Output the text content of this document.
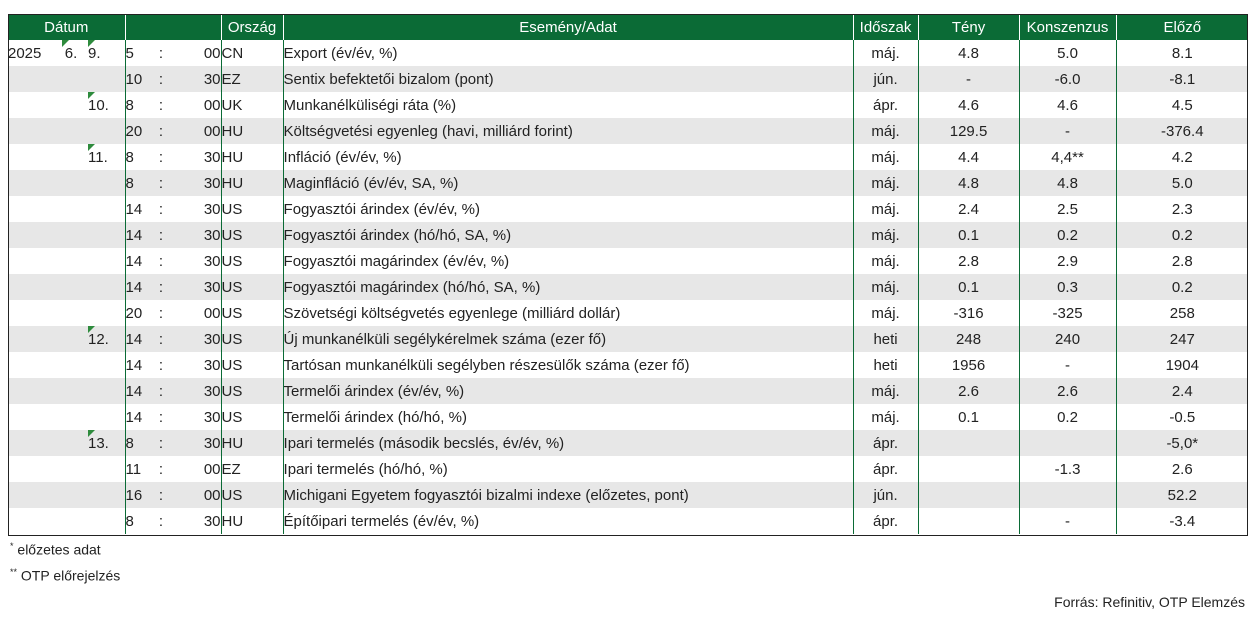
Dátum						Ország	Esemény/Adat	Időszak	Tény	Konszenzus	Előző
2025	6.	9.	5	:	00	CN	Export (év/év, %)	máj.	4.8	5.0	8.1
			10	:	30	EZ	Sentix befektetői bizalom (pont)	jún.	-	-6.0	-8.1
		10.	8	:	00	UK	Munkanélküliségi ráta (%)	ápr.	4.6	4.6	4.5
			20	:	00	HU	Költségvetési egyenleg (havi, milliárd forint)	máj.	129.5	-	-376.4
		11.	8	:	30	HU	Infláció (év/év, %)	máj.	4.4	4,4**	4.2
			8	:	30	HU	Maginfláció (év/év, SA, %)	máj.	4.8	4.8	5.0
			14	:	30	US	Fogyasztói árindex (év/év, %)	máj.	2.4	2.5	2.3
			14	:	30	US	Fogyasztói árindex (hó/hó, SA, %)	máj.	0.1	0.2	0.2
			14	:	30	US	Fogyasztói magárindex (év/év, %)	máj.	2.8	2.9	2.8
			14	:	30	US	Fogyasztói magárindex (hó/hó, SA, %)	máj.	0.1	0.3	0.2
			20	:	00	US	Szövetségi költségvetés egyenlege (milliárd dollár)	máj.	-316	-325	258
		12.	14	:	30	US	Új munkanélküli segélykérelmek száma (ezer fő)	heti	248	240	247
			14	:	30	US	Tartósan munkanélküli segélyben részesülők száma (ezer fő)	heti	1956	-	1904
			14	:	30	US	Termelői árindex (év/év, %)	máj.	2.6	2.6	2.4
			14	:	30	US	Termelői árindex (hó/hó, %)	máj.	0.1	0.2	-0.5
		13.	8	:	30	HU	Ipari termelés (második becslés, év/év, %)	ápr.			-5,0*
			11	:	00	EZ	Ipari termelés (hó/hó, %)	ápr.		-1.3	2.6
			16	:	00	US	Michigani Egyetem fogyasztói bizalmi indexe (előzetes, pont)	jún.			52.2
			8	:	30	HU	Építőipari termelés (év/év, %)	ápr.		-	-3.4
* előzetes adat
** OTP előrejelzés
Forrás: Refinitiv, OTP Elemzés
